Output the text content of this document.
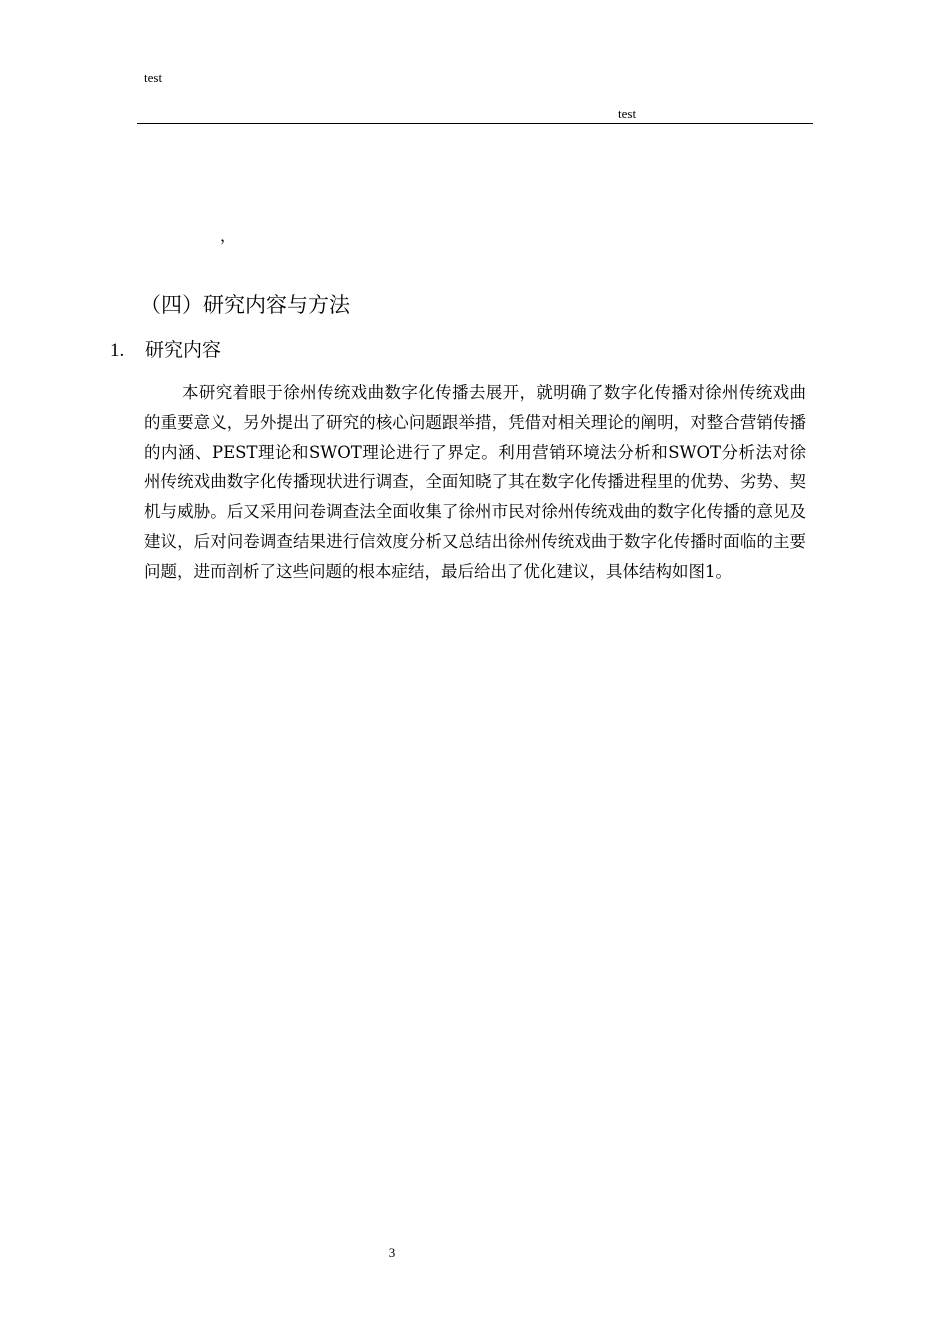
test
test
，
（四）研究内容与方法
1. 研究内容

本研究着眼于徐州传统戏曲数字化传播去展开，就明确了数字化传播对徐州传统戏曲的重要意义，另外提出了研究的核心问题跟举措，凭借对相关理论的阐明，对整合营销传播的内涵、PEST理论和SWOT理论进行了界定。利用营销环境法分析和SWOT分析法对徐州传统戏曲数字化传播现状进行调查，全面知晓了其在数字化传播进程里的优势、劣势、契机与威胁。后又采用问卷调查法全面收集了徐州市民对徐州传统戏曲的数字化传播的意见及建议，后对问卷调查结果进行信效度分析又总结出徐州传统戏曲于数字化传播时面临的主要问题，进而剖析了这些问题的根本症结，最后给出了优化建议，具体结构如图1。

3
